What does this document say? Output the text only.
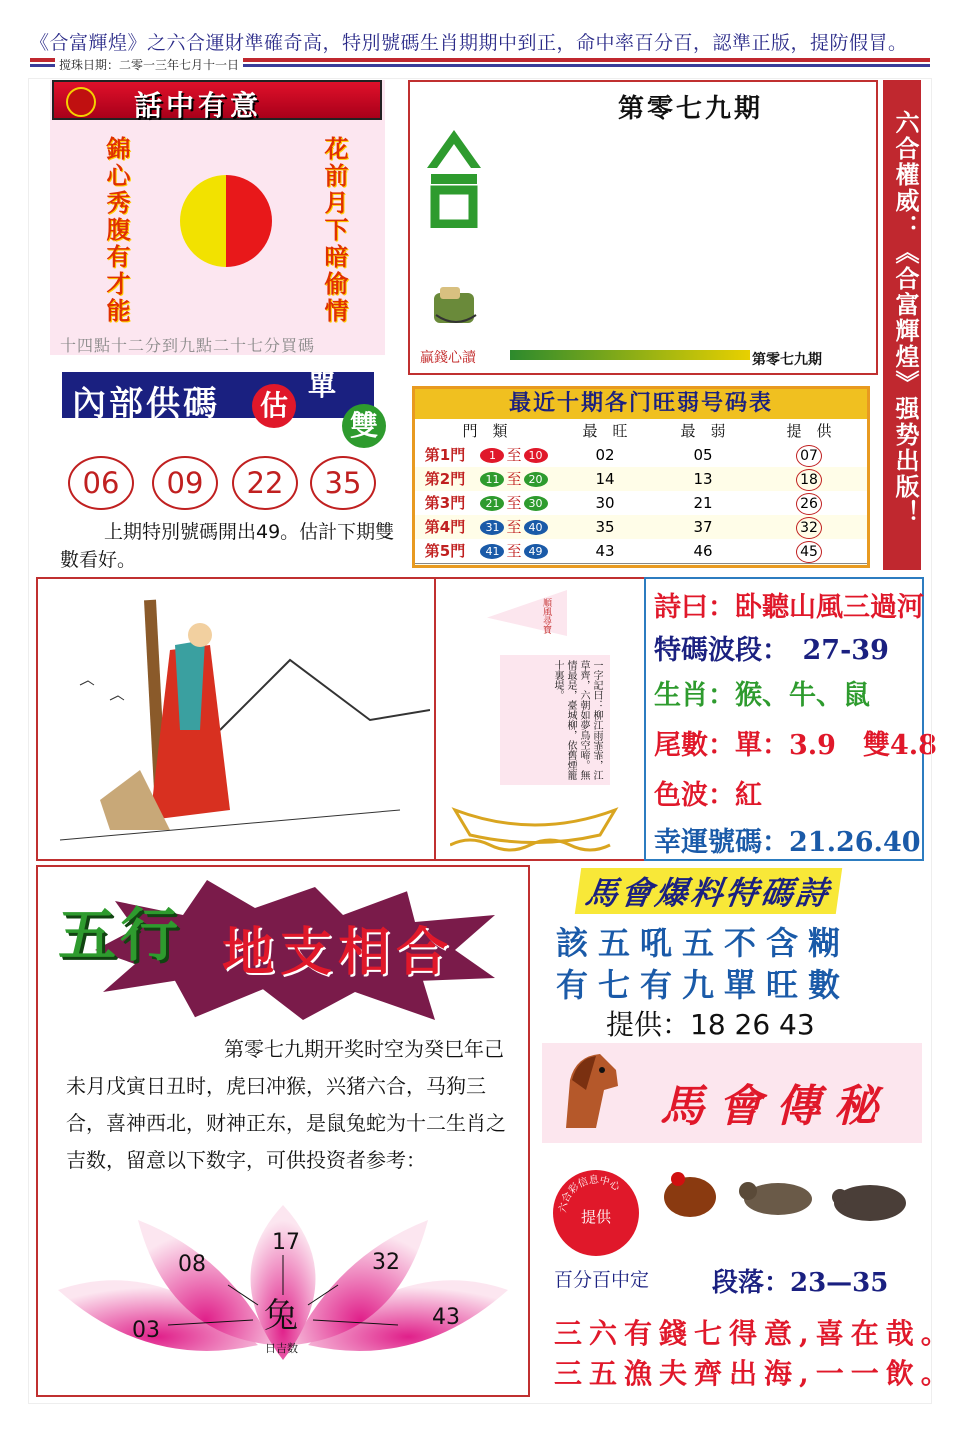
《合富輝煌》之六合運財準確奇高，特別號碼生肖期期中到正，命中率百分百，認準正版，提防假冒。
搅珠日期：二零一三年七月十一日
話中有意
錦心秀腹有才能	花前月下暗偷情
十四點十二分到九點二十七分買碼
第零七九期
贏錢心讀	第零七九期	六合權威：《合富輝煌》强势出版！
內部供碼 估
單
雙
06	09	22	35
上期特別號碼開出49。估計下期雙數看好。
最近十期各门旺弱号码表
門　類	最　旺	最　弱	提　供
第1門	1 至 10	02	05	07
第2門	11 至 20	14	13	18
第3門	21 至 30	30	21	26
第4門	31 至 40	35	37	32
第5門	41 至 49	43	46	45
順風尋寶
一字記曰：柳江雨霏霏，江草齊，六朝如夢鳥空啼。無情最是，臺城柳，依舊煙籠十裏堤。
詩曰：卧聽山風三過河
特碼波段：　27-39
生肖：猴、牛、鼠
尾數：單：3.9　雙4.8
色波：紅
幸運號碼：21.26.40
五行 地支相合
第零七九期开奖时空为癸巳年己未月戊寅日丑时，虎曰冲猴，兴猪六合，马狗三合，喜神西北，财神正东，是鼠兔蛇为十二生肖之吉数，留意以下数字，可供投资者参考：
03
08
17
32
43
兔
日吉数
馬會爆料特碼詩
該五吼五不含糊
有七有九單旺數
提供：18 26 43
馬會傳秘
提供
六合彩信息中心
百分百中定 段落：23—35
三六有錢七得意,喜在哉。
三五漁夫齊出海,一一飲。
